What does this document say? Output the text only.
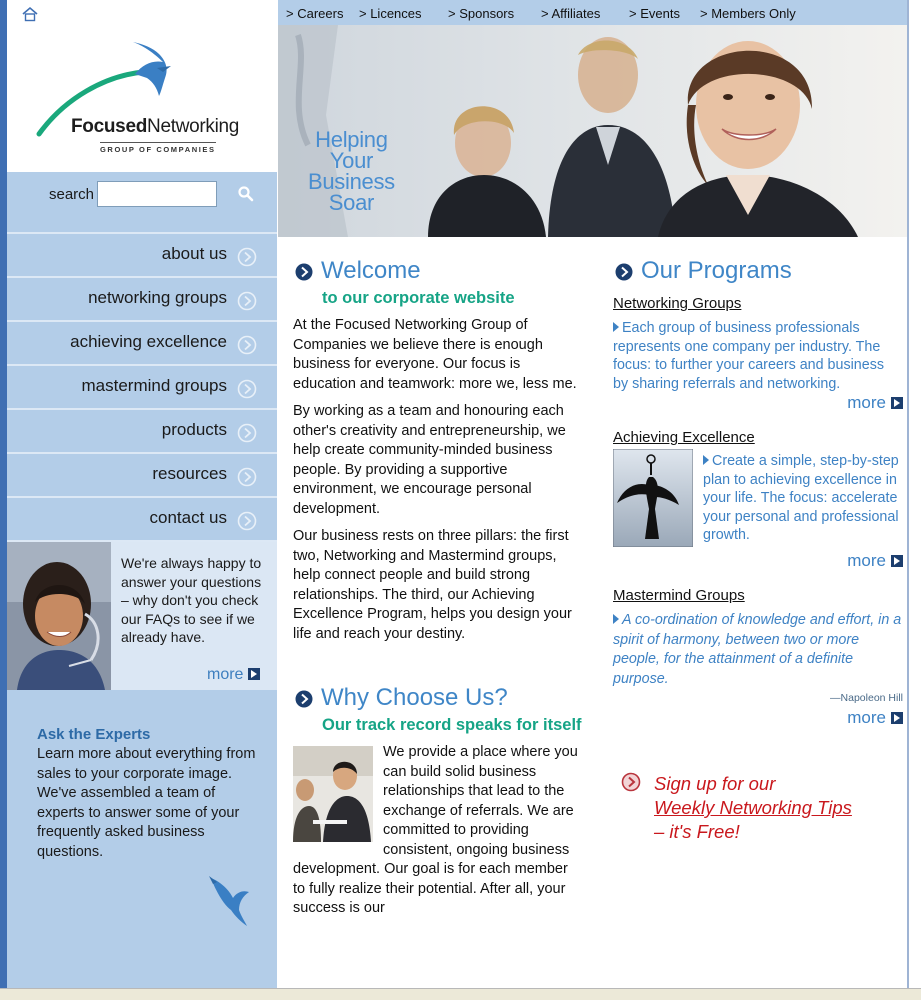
FocusedNetworking
GROUP OF COMPANIES
search
about us
networking groups
achieving excellence
mastermind groups
products
resources
contact us
We're always happy to answer your questions – why don't you check our FAQs to see if we already have.
more
Ask the Experts
Learn more about everything from sales to your corporate image. We've assembled a team of experts to answer some of your frequently asked business questions.
> Careers > Licences > Sponsors > Affiliates > Events > Members Only
Helping
Your
Business
Soar
Welcome
to our corporate website

At the Focused Networking Group of Companies we believe there is enough business for everyone. Our focus is education and teamwork: more we, less me.

By working as a team and honouring each other's creativity and entrepreneurship, we help create community-minded business people. By providing a supportive environment, we encourage personal development.

Our business rests on three pillars: the first two, Networking and Mastermind groups, help connect people and build strong relationships. The third, our Achieving Excellence Program, helps you design your life and reach your destiny.

Why Choose Us?
Our track record speaks for itself

We provide a place where you can build solid business relationships that lead to the exchange of referrals. We are committed to providing consistent, ongoing business development. Our goal is for each member to fully realize their potential. After all, your success is our

Our Programs
Networking Groups
Each group of business professionals represents one company per industry. The focus: to further your careers and business by sharing referrals and networking.
more
Achieving Excellence
Create a simple, step-by-step plan to achieving excellence in your life. The focus: accelerate your personal and professional growth.
more
Mastermind Groups
A co-ordination of knowledge and effort, in a spirit of harmony, between two or more people, for the attainment of a definite purpose.
—Napoleon Hill
more
Sign up for our
Weekly Networking Tips
– it's Free!
